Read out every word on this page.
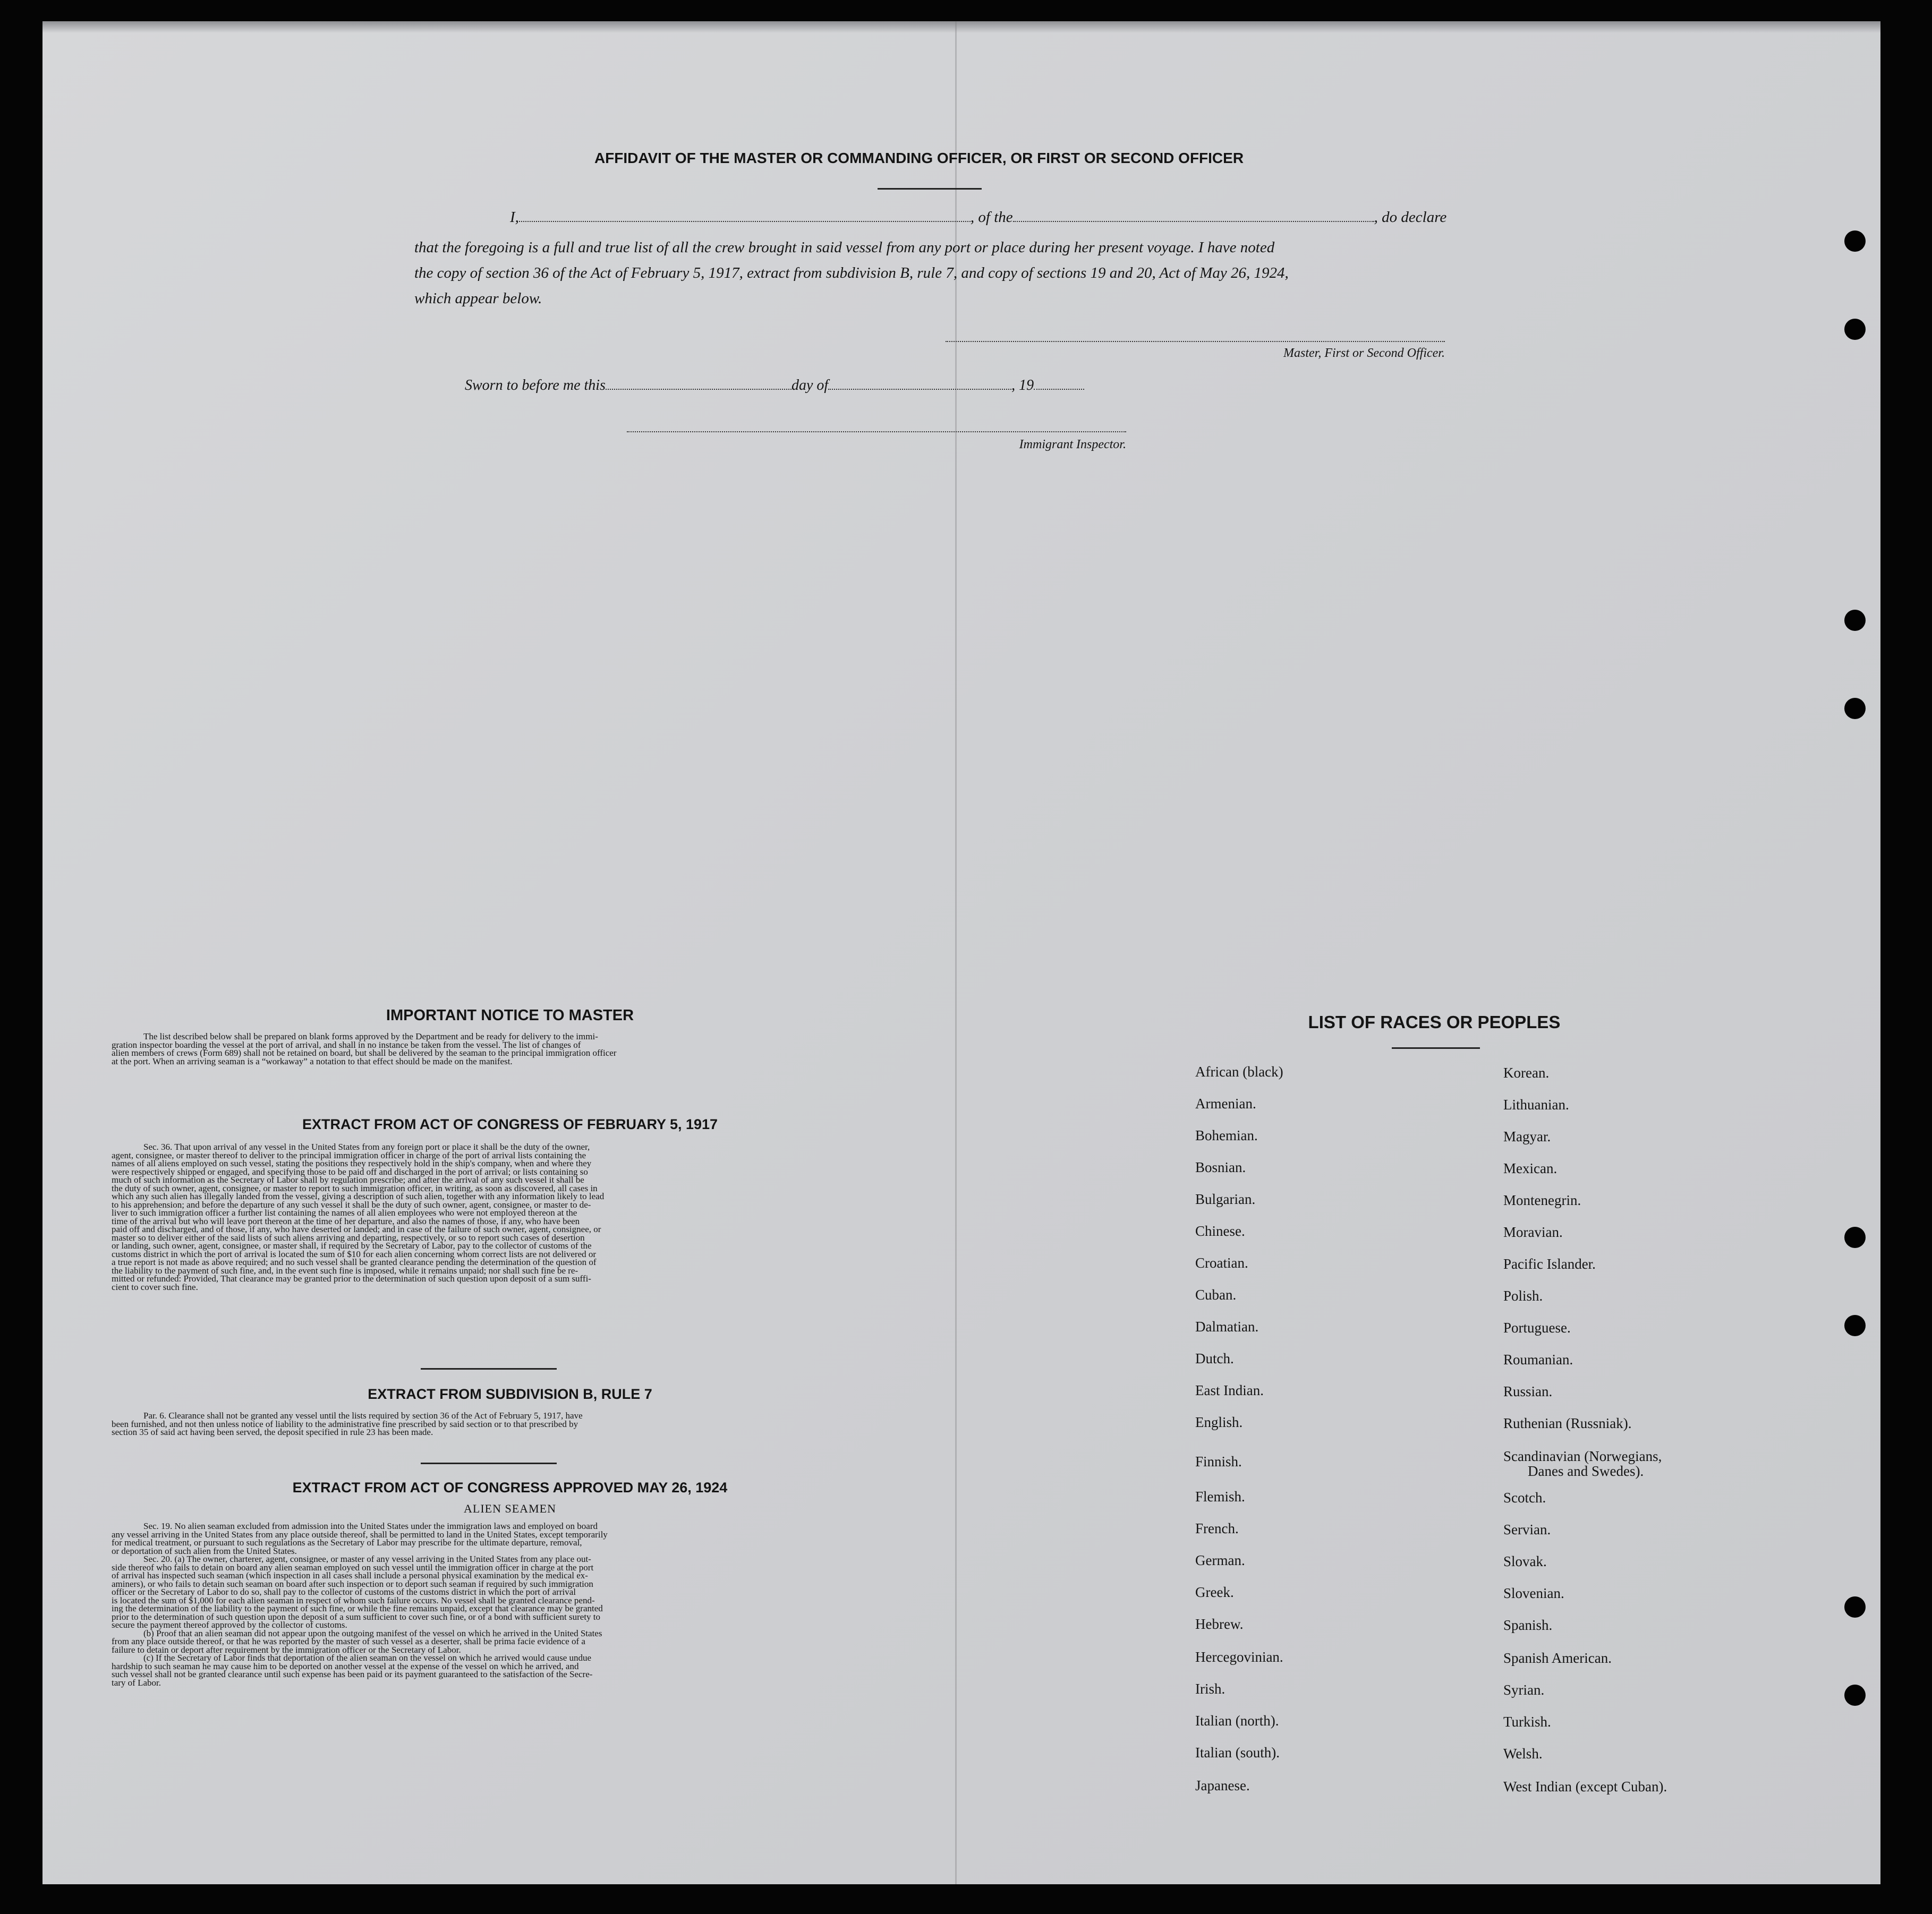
AFFIDAVIT OF THE MASTER OR COMMANDING OFFICER, OR FIRST OR SECOND OFFICER
I,	, of the	, do declare
that the foregoing is a full and true list of all the crew brought in said vessel from any port or place during her present voyage. I have noted
the copy of section 36 of the Act of February 5, 1917, extract from subdivision B, rule 7, and copy of sections 19 and 20, Act of May 26, 1924,
which appear below.
Master, First or Second Officer.
Sworn to before me this	day of	, 19
Immigrant Inspector.
IMPORTANT NOTICE TO MASTER
The list described below shall be prepared on blank forms approved by the Department and be ready for delivery to the immi-
gration inspector boarding the vessel at the port of arrival, and shall in no instance be taken from the vessel. The list of changes of
alien members of crews (Form 689) shall not be retained on board, but shall be delivered by the seaman to the principal immigration officer
at the port. When an arriving seaman is a “workaway” a notation to that effect should be made on the manifest.
EXTRACT FROM ACT OF CONGRESS OF FEBRUARY 5, 1917
Sec. 36. That upon arrival of any vessel in the United States from any foreign port or place it shall be the duty of the owner,
agent, consignee, or master thereof to deliver to the principal immigration officer in charge of the port of arrival lists containing the
names of all aliens employed on such vessel, stating the positions they respectively hold in the ship's company, when and where they
were respectively shipped or engaged, and specifying those to be paid off and discharged in the port of arrival; or lists containing so
much of such information as the Secretary of Labor shall by regulation prescribe; and after the arrival of any such vessel it shall be
the duty of such owner, agent, consignee, or master to report to such immigration officer, in writing, as soon as discovered, all cases in
which any such alien has illegally landed from the vessel, giving a description of such alien, together with any information likely to lead
to his apprehension; and before the departure of any such vessel it shall be the duty of such owner, agent, consignee, or master to de-
liver to such immigration officer a further list containing the names of all alien employees who were not employed thereon at the
time of the arrival but who will leave port thereon at the time of her departure, and also the names of those, if any, who have been
paid off and discharged, and of those, if any, who have deserted or landed; and in case of the failure of such owner, agent, consignee, or
master so to deliver either of the said lists of such aliens arriving and departing, respectively, or so to report such cases of desertion
or landing, such owner, agent, consignee, or master shall, if required by the Secretary of Labor, pay to the collector of customs of the
customs district in which the port of arrival is located the sum of $10 for each alien concerning whom correct lists are not delivered or
a true report is not made as above required; and no such vessel shall be granted clearance pending the determination of the question of
the liability to the payment of such fine, and, in the event such fine is imposed, while it remains unpaid; nor shall such fine be re-
mitted or refunded: Provided, That clearance may be granted prior to the determination of such question upon deposit of a sum suffi-
cient to cover such fine.
EXTRACT FROM SUBDIVISION B, RULE 7
Par. 6. Clearance shall not be granted any vessel until the lists required by section 36 of the Act of February 5, 1917, have
been furnished, and not then unless notice of liability to the administrative fine prescribed by said section or to that prescribed by
section 35 of said act having been served, the deposit specified in rule 23 has been made.
EXTRACT FROM ACT OF CONGRESS APPROVED MAY 26, 1924
ALIEN SEAMEN
Sec. 19. No alien seaman excluded from admission into the United States under the immigration laws and employed on board
any vessel arriving in the United States from any place outside thereof, shall be permitted to land in the United States, except temporarily
for medical treatment, or pursuant to such regulations as the Secretary of Labor may prescribe for the ultimate departure, removal,
or deportation of such alien from the United States.
Sec. 20. (a) The owner, charterer, agent, consignee, or master of any vessel arriving in the United States from any place out-
side thereof who fails to detain on board any alien seaman employed on such vessel until the immigration officer in charge at the port
of arrival has inspected such seaman (which inspection in all cases shall include a personal physical examination by the medical ex-
aminers), or who fails to detain such seaman on board after such inspection or to deport such seaman if required by such immigration
officer or the Secretary of Labor to do so, shall pay to the collector of customs of the customs district in which the port of arrival
is located the sum of $1,000 for each alien seaman in respect of whom such failure occurs. No vessel shall be granted clearance pend-
ing the determination of the liability to the payment of such fine, or while the fine remains unpaid, except that clearance may be granted
prior to the determination of such question upon the deposit of a sum sufficient to cover such fine, or of a bond with sufficient surety to
secure the payment thereof approved by the collector of customs.
(b) Proof that an alien seaman did not appear upon the outgoing manifest of the vessel on which he arrived in the United States
from any place outside thereof, or that he was reported by the master of such vessel as a deserter, shall be prima facie evidence of a
failure to detain or deport after requirement by the immigration officer or the Secretary of Labor.
(c) If the Secretary of Labor finds that deportation of the alien seaman on the vessel on which he arrived would cause undue
hardship to such seaman he may cause him to be deported on another vessel at the expense of the vessel on which he arrived, and
such vessel shall not be granted clearance until such expense has been paid or its payment guaranteed to the satisfaction of the Secre-
tary of Labor.
LIST OF RACES OR PEOPLES
African (black)
Armenian.
Bohemian.
Bosnian.
Bulgarian.
Chinese.
Croatian.
Cuban.
Dalmatian.
Dutch.
East Indian.
English.
Finnish.
Flemish.
French.
German.
Greek.
Hebrew.
Hercegovinian.
Irish.
Italian (north).
Italian (south).
Japanese.
Korean.
Lithuanian.
Magyar.
Mexican.
Montenegrin.
Moravian.
Pacific Islander.
Polish.
Portuguese.
Roumanian.
Russian.
Ruthenian (Russniak).
Scandinavian (Norwegians,
Danes and Swedes).
Scotch.
Servian.
Slovak.
Slovenian.
Spanish.
Spanish American.
Syrian.
Turkish.
Welsh.
West Indian (except Cuban).
